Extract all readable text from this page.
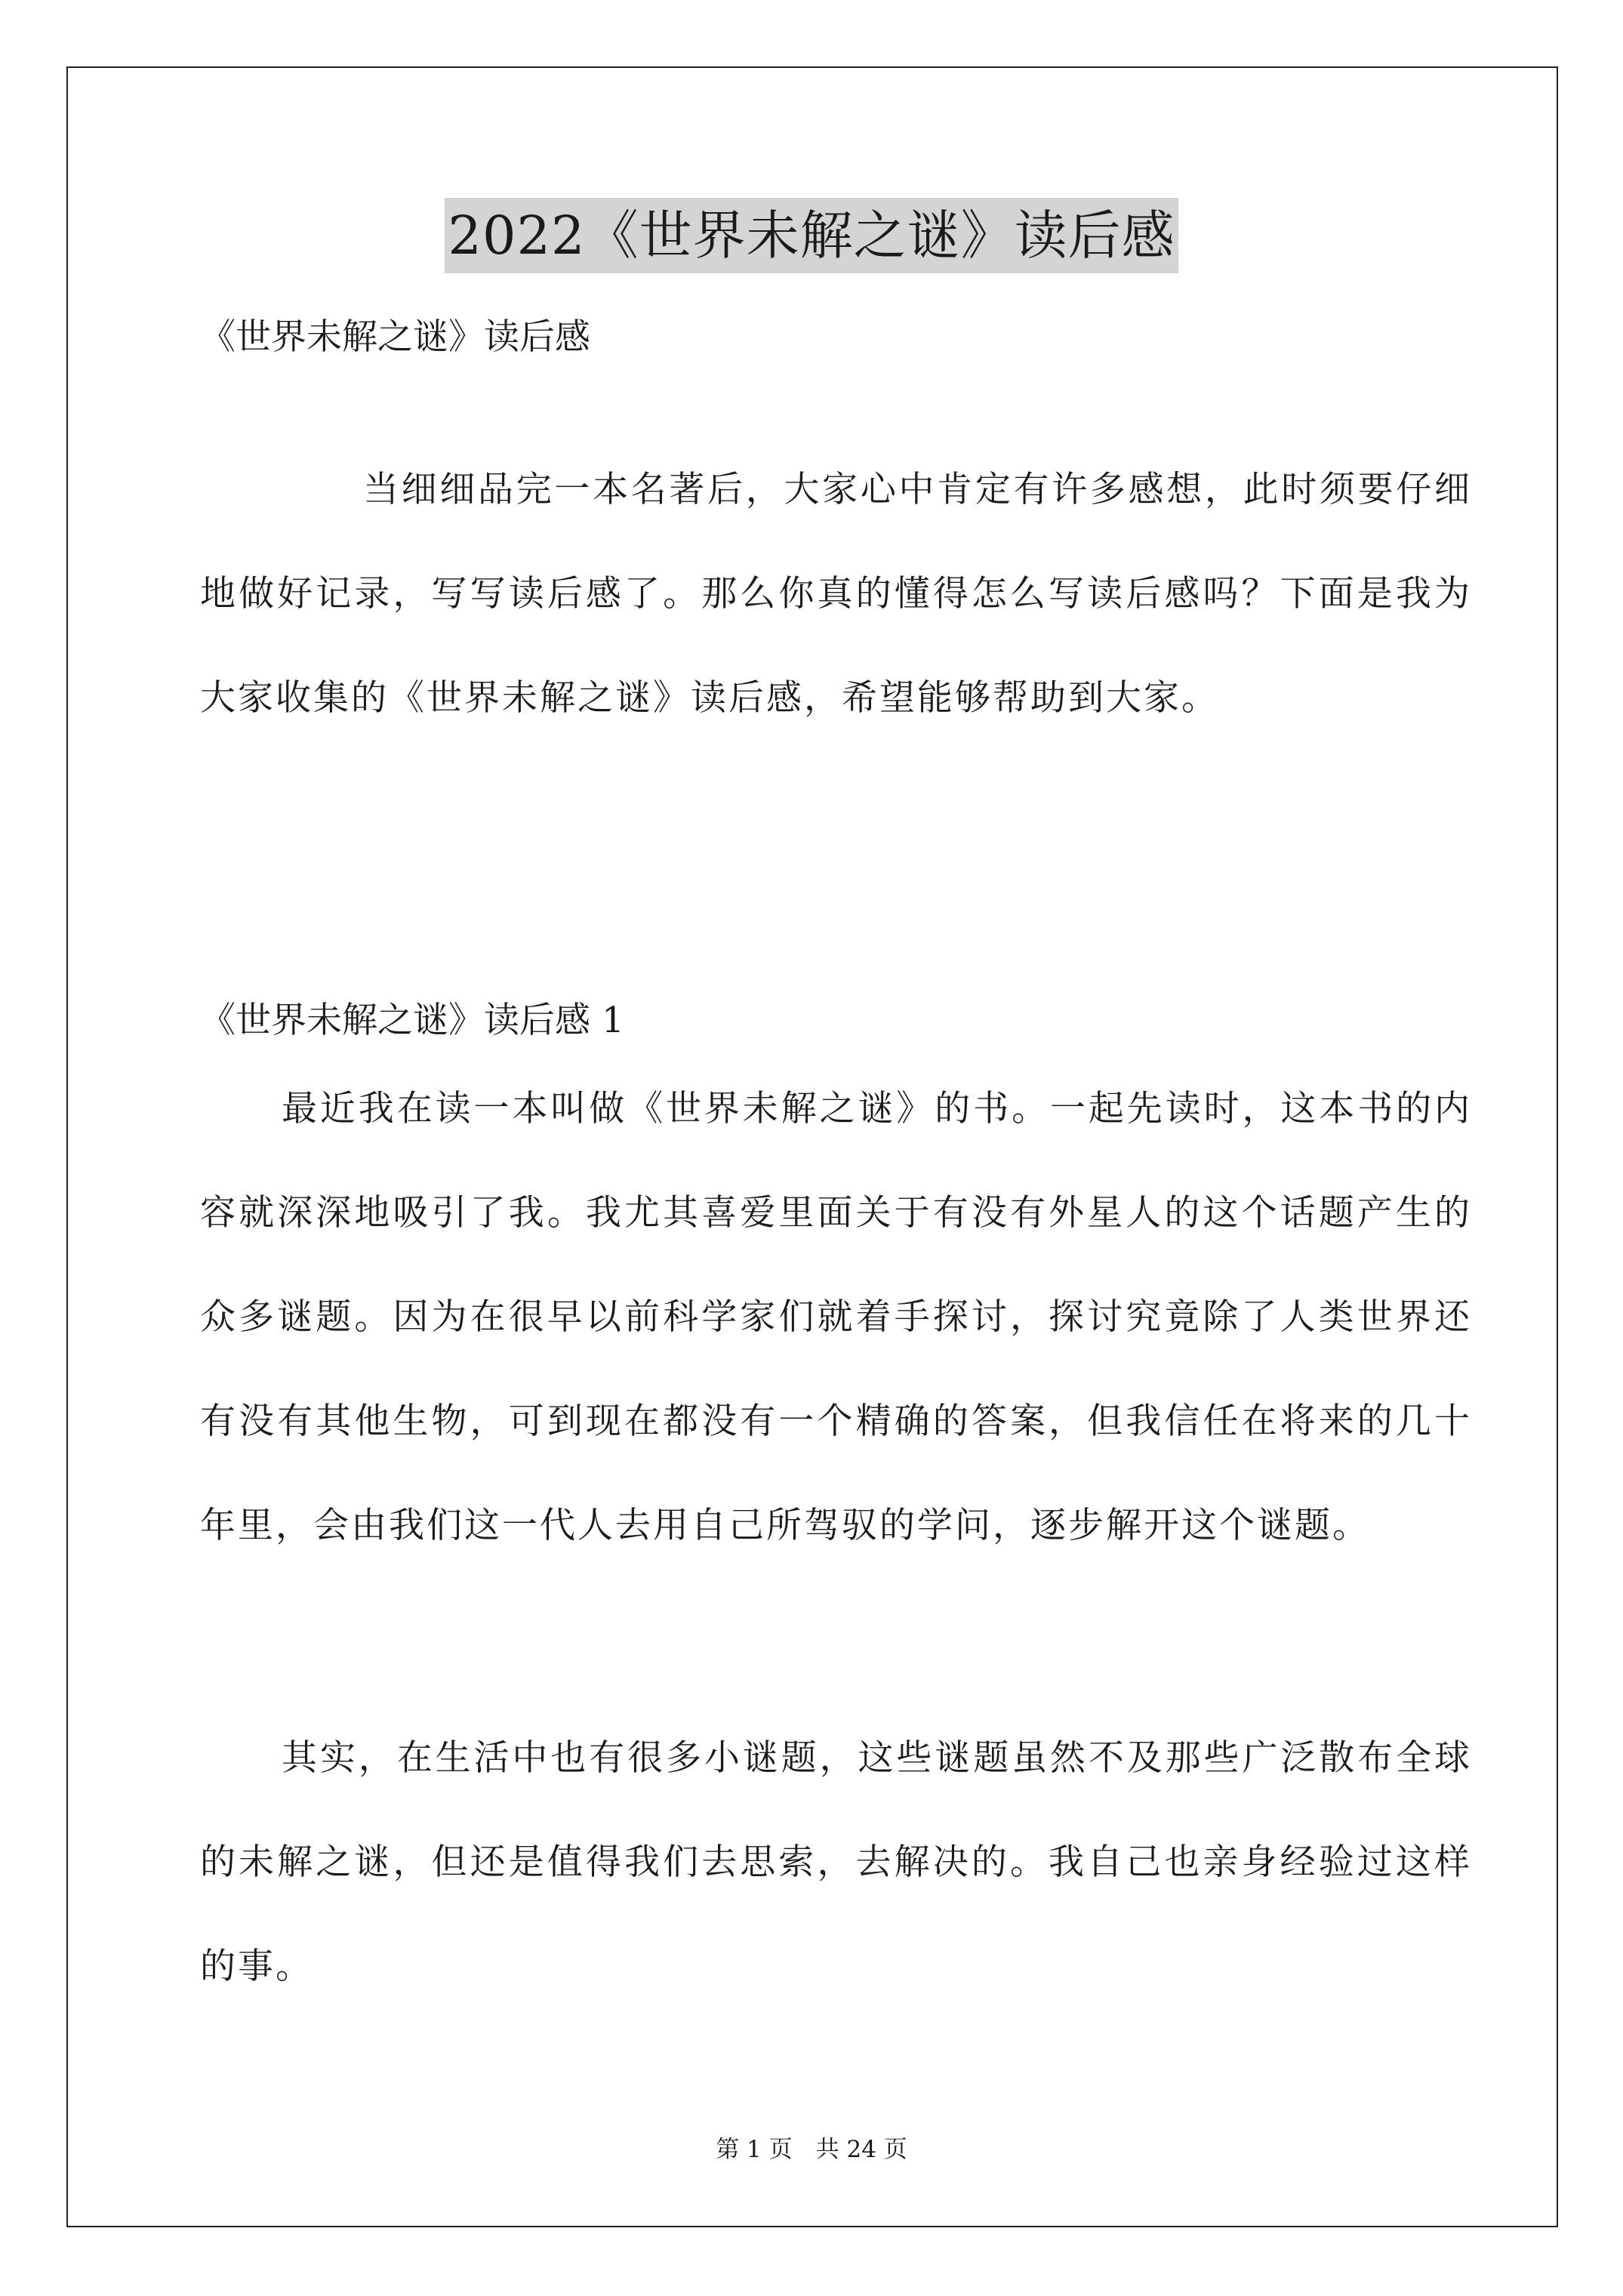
2022《世界未解之谜》读后感
《世界未解之谜》读后感

当细细品完一本名著后，大家心中肯定有许多感想，此时须要仔细地做好记录，写写读后感了。那么你真的懂得怎么写读后感吗？下面是我为大家收集的《世界未解之谜》读后感，希望能够帮助到大家。

《世界未解之谜》读后感 1

最近我在读一本叫做《世界未解之谜》的书。一起先读时，这本书的内容就深深地吸引了我。我尤其喜爱里面关于有没有外星人的这个话题产生的众多谜题。因为在很早以前科学家们就着手探讨，探讨究竟除了人类世界还有没有其他生物，可到现在都没有一个精确的答案，但我信任在将来的几十年里，会由我们这一代人去用自己所驾驭的学问，逐步解开这个谜题。

其实，在生活中也有很多小谜题，这些谜题虽然不及那些广泛散布全球的未解之谜，但还是值得我们去思索，去解决的。我自己也亲身经验过这样的事。

第 1 页　共 24 页
